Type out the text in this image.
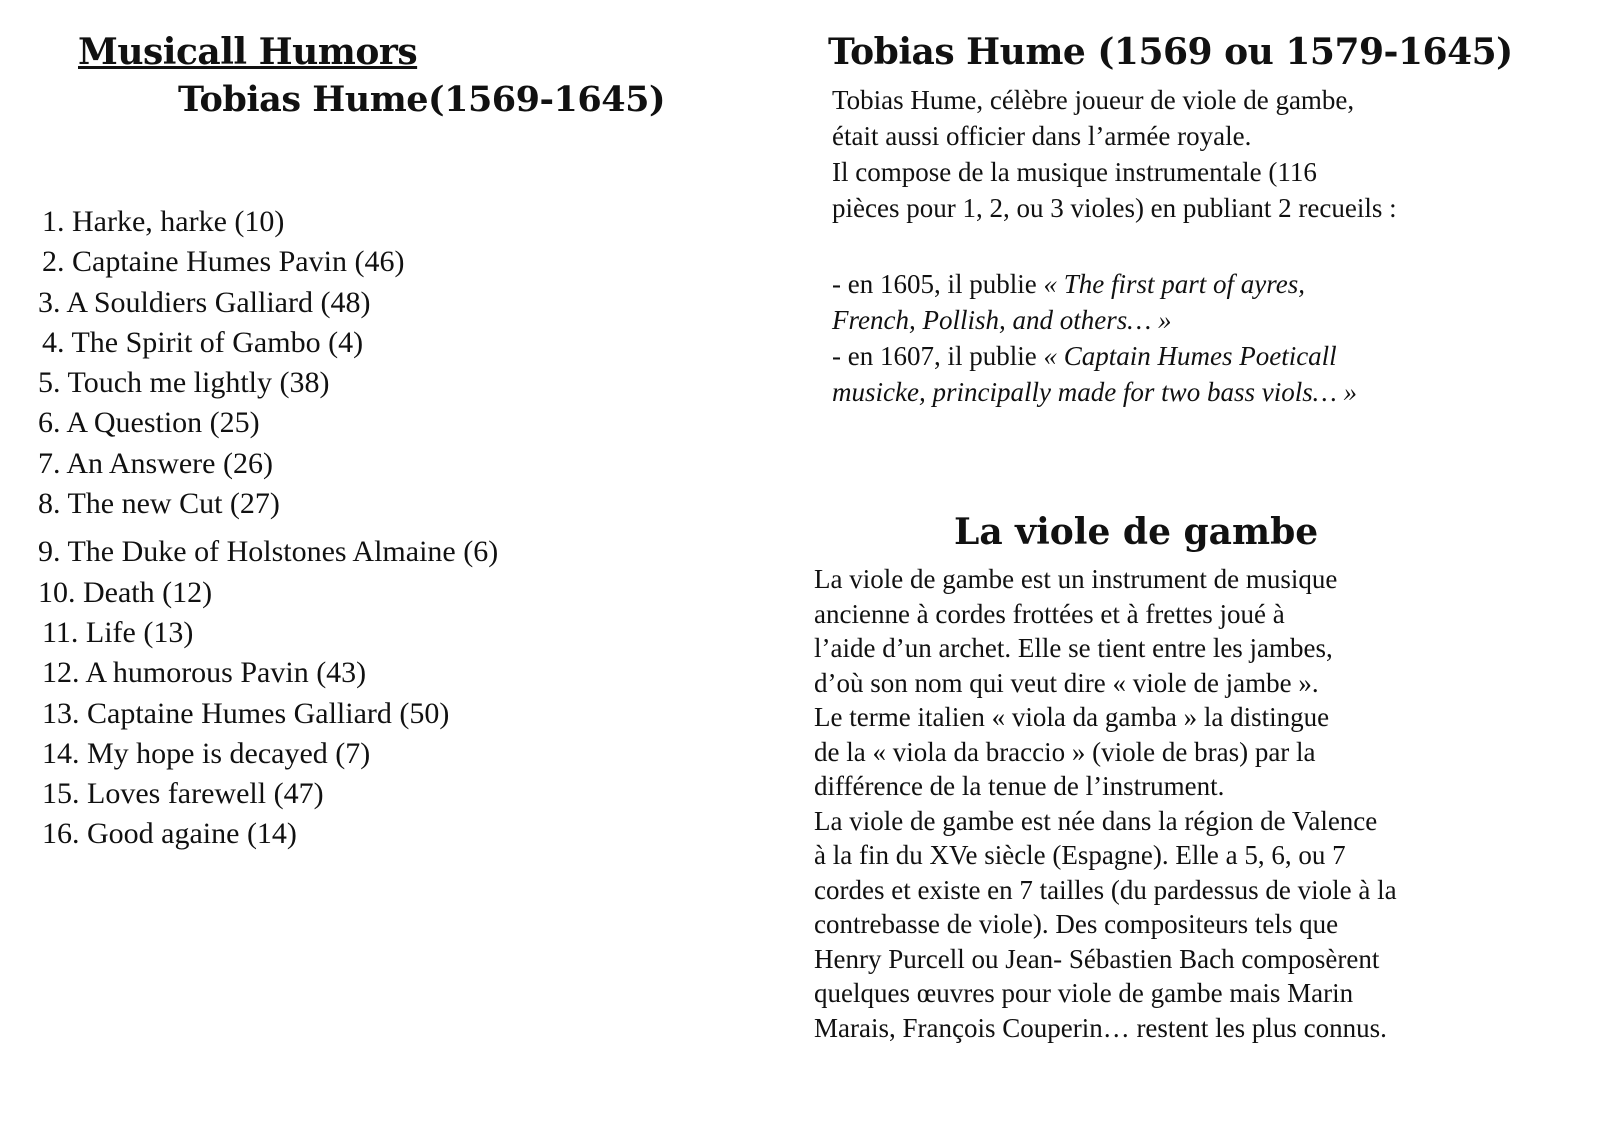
Musicall Humors
Tobias Hume(1569-1645)
1. Harke, harke (10)
2. Captaine Humes Pavin (46)
3. A Souldiers Galliard (48)
4. The Spirit of Gambo (4)
5. Touch me lightly (38)
6. A Question (25)
7. An Answere (26)
8. The new Cut (27)
9. The Duke of Holstones Almaine (6)
10. Death (12)
11. Life (13)
12. A humorous Pavin (43)
13. Captaine Humes Galliard (50)
14. My hope is decayed (7)
15. Loves farewell (47)
16. Good againe (14)
Tobias Hume (1569 ou 1579-1645)

Tobias Hume, célèbre joueur de viole de gambe,

était aussi officier dans l’armée royale.

Il compose de la musique instrumentale (116

pièces pour 1, 2, ou 3 violes) en publiant 2 recueils :

- en 1605, il publie « The first part of ayres,

French, Pollish, and others… »

- en 1607, il publie « Captain Humes Poeticall

musicke, principally made for two bass viols… »

La viole de gambe

La viole de gambe est un instrument de musique

ancienne à cordes frottées et à frettes joué à

l’aide d’un archet. Elle se tient entre les jambes,

d’où son nom qui veut dire « viole de jambe ».

Le terme italien « viola da gamba » la distingue

de la « viola da braccio » (viole de bras) par la

différence de la tenue de l’instrument.

La viole de gambe est née dans la région de Valence

à la fin du XVe siècle (Espagne). Elle a 5, 6, ou 7

cordes et existe en 7 tailles (du pardessus de viole à la

contrebasse de viole). Des compositeurs tels que

Henry Purcell ou Jean- Sébastien Bach composèrent

quelques œuvres pour viole de gambe mais Marin

Marais, François Couperin… restent les plus connus.
